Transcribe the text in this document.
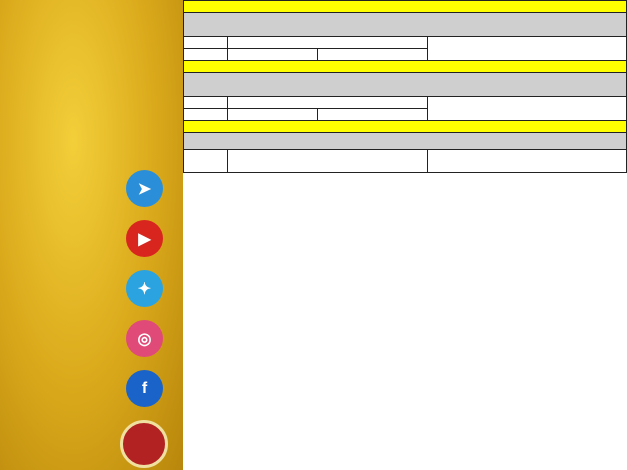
➤
▶
✦
◎
f
